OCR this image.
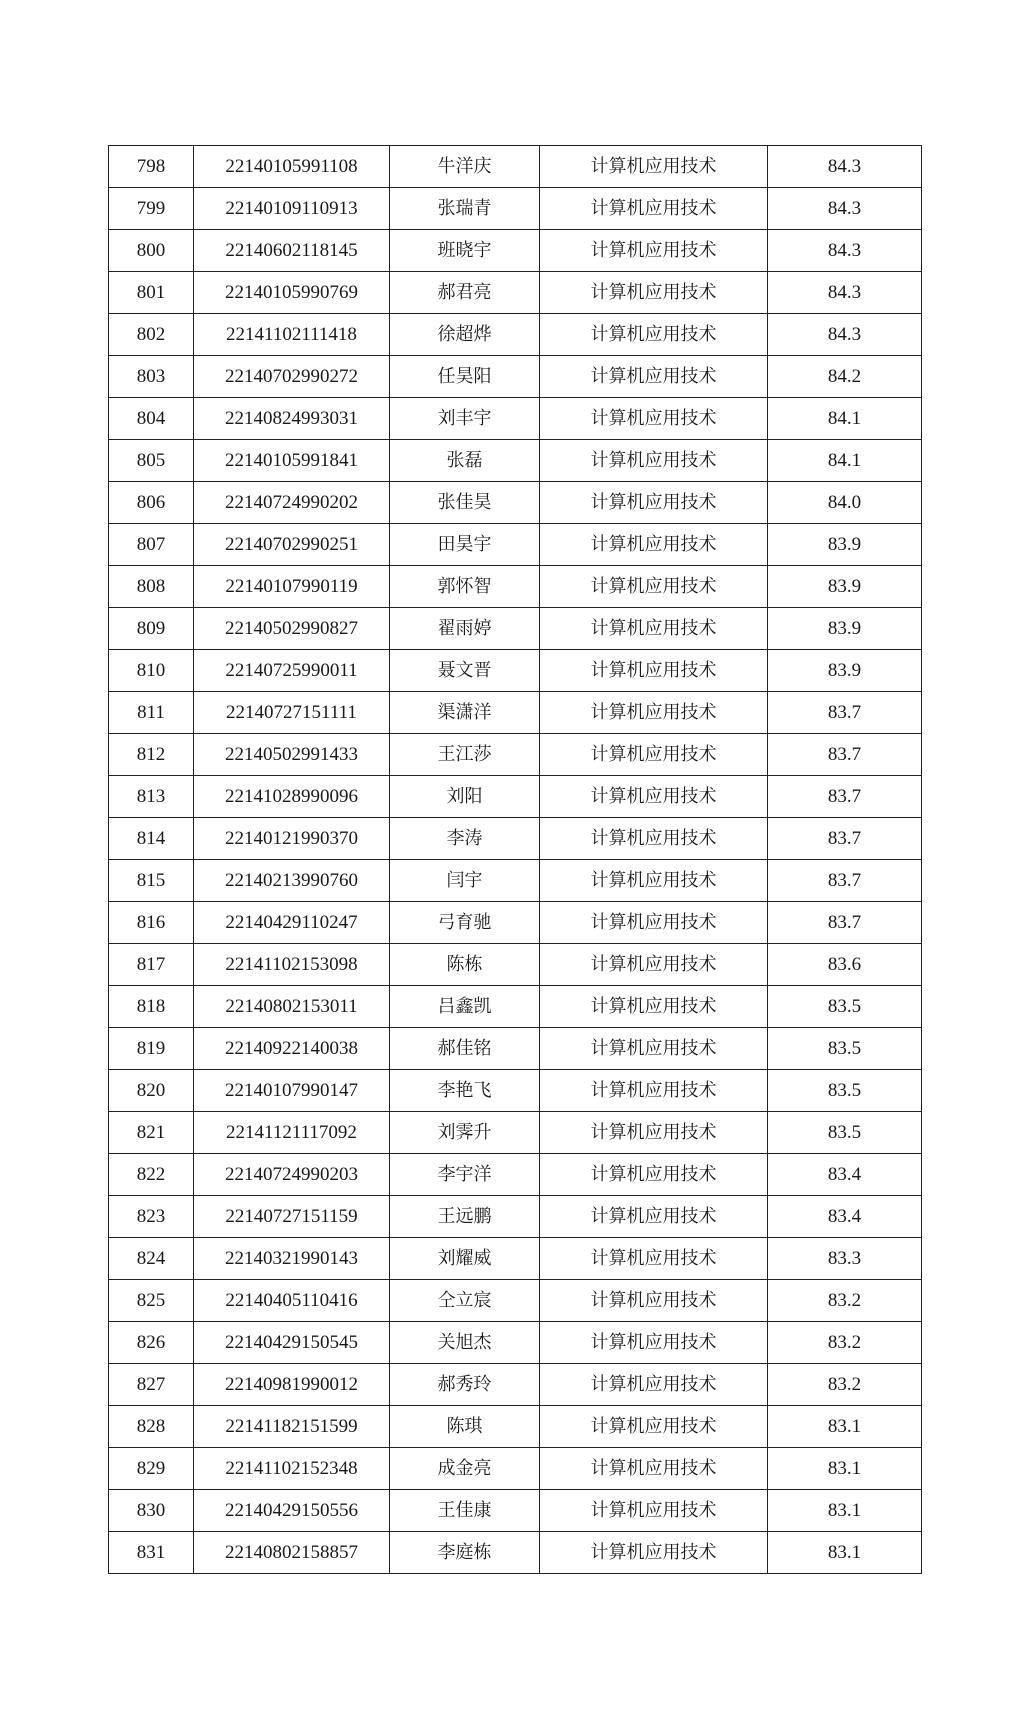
798	22140105991108	牛洋庆	计算机应用技术	84.3
799	22140109110913	张瑞青	计算机应用技术	84.3
800	22140602118145	班晓宇	计算机应用技术	84.3
801	22140105990769	郝君亮	计算机应用技术	84.3
802	22141102111418	徐超烨	计算机应用技术	84.3
803	22140702990272	任昊阳	计算机应用技术	84.2
804	22140824993031	刘丰宇	计算机应用技术	84.1
805	22140105991841	张磊	计算机应用技术	84.1
806	22140724990202	张佳昊	计算机应用技术	84.0
807	22140702990251	田昊宇	计算机应用技术	83.9
808	22140107990119	郭怀智	计算机应用技术	83.9
809	22140502990827	翟雨婷	计算机应用技术	83.9
810	22140725990011	聂文晋	计算机应用技术	83.9
811	22140727151111	渠潇洋	计算机应用技术	83.7
812	22140502991433	王江莎	计算机应用技术	83.7
813	22141028990096	刘阳	计算机应用技术	83.7
814	22140121990370	李涛	计算机应用技术	83.7
815	22140213990760	闫宇	计算机应用技术	83.7
816	22140429110247	弓育驰	计算机应用技术	83.7
817	22141102153098	陈栋	计算机应用技术	83.6
818	22140802153011	吕鑫凯	计算机应用技术	83.5
819	22140922140038	郝佳铭	计算机应用技术	83.5
820	22140107990147	李艳飞	计算机应用技术	83.5
821	22141121117092	刘霁升	计算机应用技术	83.5
822	22140724990203	李宇洋	计算机应用技术	83.4
823	22140727151159	王远鹏	计算机应用技术	83.4
824	22140321990143	刘耀威	计算机应用技术	83.3
825	22140405110416	仝立宸	计算机应用技术	83.2
826	22140429150545	关旭杰	计算机应用技术	83.2
827	22140981990012	郝秀玲	计算机应用技术	83.2
828	22141182151599	陈琪	计算机应用技术	83.1
829	22141102152348	成金亮	计算机应用技术	83.1
830	22140429150556	王佳康	计算机应用技术	83.1
831	22140802158857	李庭栋	计算机应用技术	83.1
